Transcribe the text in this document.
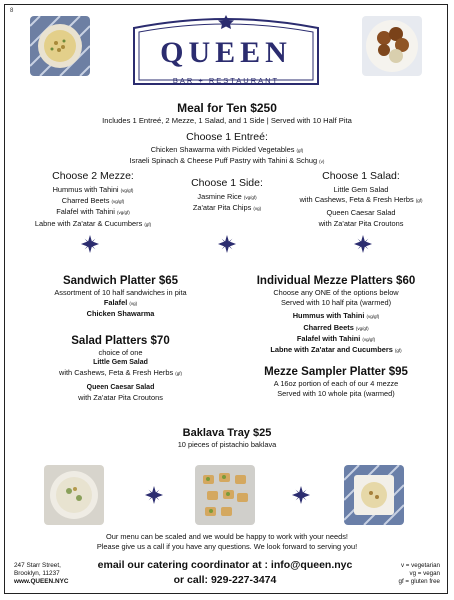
8
QUEEN
BAR + RESTAURANT
Meal for Ten $250
Includes 1 Entreé, 2 Mezze, 1 Salad, and 1 Side | Served with 10 Half Pita
Choose 1 Entreé:
Chicken Shawarma with Pickled Vegetables (gf)
Israeli Spinach & Cheese Puff Pastry with Tahini & Schug (v)
Choose 2 Mezze:
Hummus with Tahini (vg/gf)
Charred Beets (vg/gf)
Falafel with Tahini (vg/gf)
Labne with Za'atar & Cucumbers (gf)
Choose 1 Side:
Jasmine Rice (vg/gf)
Za'atar Pita Chips (vg)
Choose 1 Salad:
Little Gem Salad
with Cashews, Feta & Fresh Herbs (gf)
Queen Caesar Salad
with Za'atar Pita Croutons
Sandwich Platter $65
Assortment of 10 half sandwiches in pita
Falafel (vg)
Chicken Shawarma
Salad Platters $70
choice of one
Little Gem Salad
with Cashews, Feta & Fresh Herbs (gf)
Queen Caesar Salad
with Za'atar Pita Croutons
Individual Mezze Platters $60
Choose any ONE of the options below
Served with 10 half pita (warmed)
Hummus with Tahini (vg/gf)
Charred Beets (vg/gf)
Falafel with Tahini (vg/gf)
Labne with Za'atar and Cucumbers (gf)
Mezze Sampler Platter $95
A 16oz portion of each of our 4 mezze
Served with 10 whole pita (warmed)
Baklava Tray $25
10 pieces of pistachio baklava
Our menu can be scaled and we would be happy to work with your needs!
Please give us a call if you have any questions. We look forward to serving you!
247 Starr Street,
Brooklyn, 11237
www.QUEEN.NYC
email our catering coordinator at : info@queen.nyc
or call: 929-227-3474
v = vegetarian
vg = vegan
gf = gluten free
